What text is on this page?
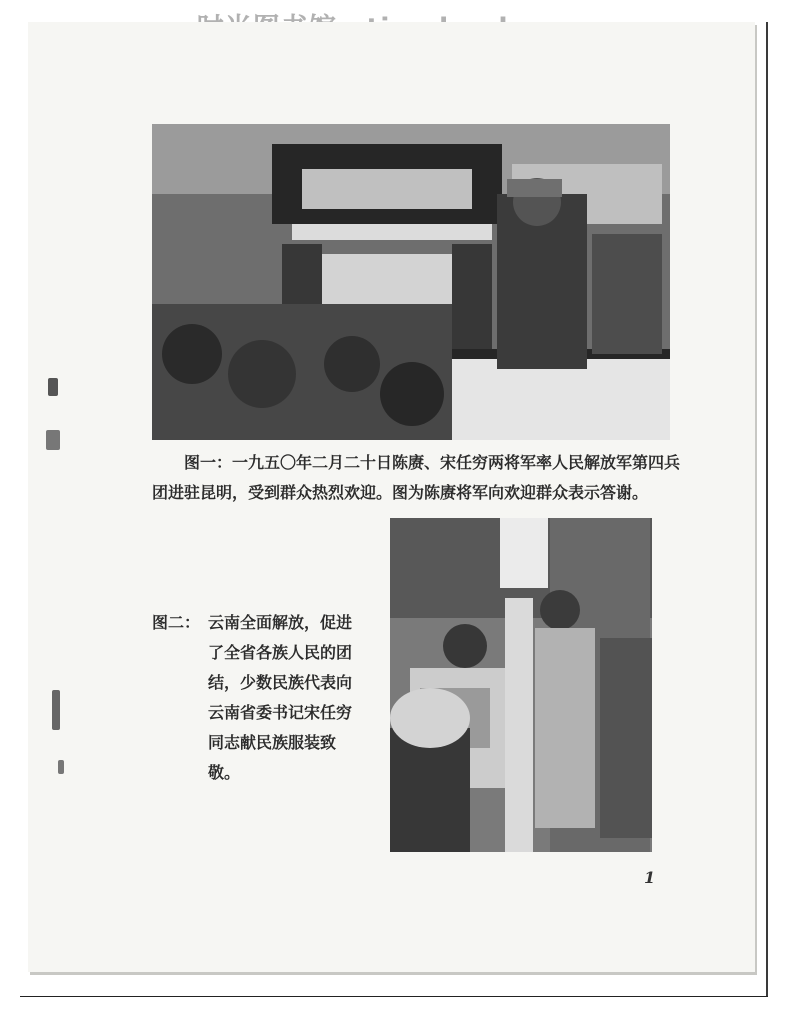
图一：一九五〇年二月二十日陈赓、宋任穷两将军率人民解放军第四兵团进驻昆明，受到群众热烈欢迎。图为陈赓将军向欢迎群众表示答谢。

图二： 云南全面解放，促进了全省各族人民的团结，少数民族代表向云南省委书记宋任穷同志献民族服装致敬。
1
